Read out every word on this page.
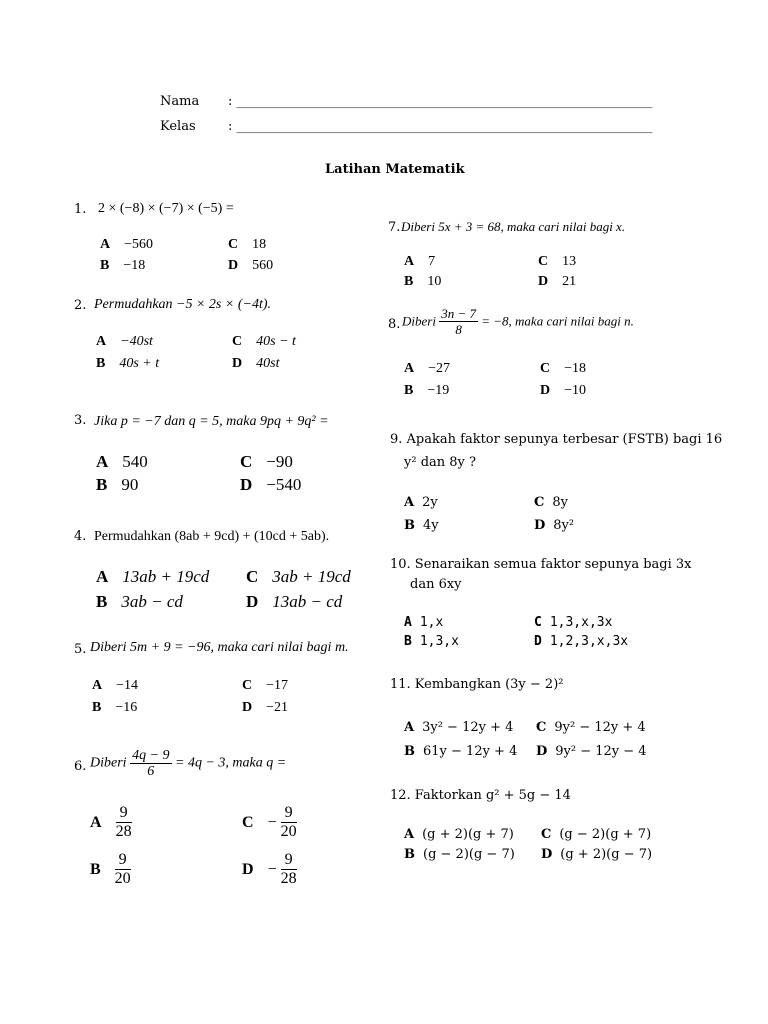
Nama : ________________________________________________________________
Kelas : ________________________________________________________________
Latihan Matematik
1. 2 × (−8) × (−7) × (−5) =
A −560
B −18
C 18
D 560
2. Permudahkan −5 × 2s × (−4t).
A −40st
B 40s + t
C 40s − t
D 40st
3. Jika p = −7 dan q = 5, maka 9pq + 9q² =
A 540
B 90
C −90
D −540
4. Permudahkan (8ab + 9cd) + (10cd + 5ab).
A 13ab + 19cd
B 3ab − cd
C 3ab + 19cd
D 13ab − cd
5. Diberi 5m + 9 = −96, maka cari nilai bagi m.
A −14
B −16
C −17
D −21
6. Diberi $\frac{4q - 9}{6} = 4q - 3$, maka q =
A $\frac{9}{28}$
B $\frac{9}{20}$
$C - \frac{9}{20}$
$D - \frac{9}{28}$
7. Diberi 5x + 3 = 68, maka cari nilai bagi x.
A 7
B 10
C 13
D 21
8. Diberi $\frac{3n - 7}{8} = -8$, maka cari nilai bagi n.
A −27
B −19
C −18
D −10
9. Apakah faktor sepunya terbesar (FSTB) bagi 16
y² dan 8y ?
A 2y
B 4y
C 8y
D 8y²
10. Senaraikan semua faktor sepunya bagi 3x
dan 6xy
A 1,x
B 1,3,x
C 1,3,x,3x
D 1,2,3,x,3x
11. Kembangkan (3y − 2)²
A 3y² − 12y + 4
B 61y − 12y + 4
C 9y² − 12y + 4
D 9y² − 12y − 4
12. Faktorkan g² + 5g − 14
A (g + 2)(g + 7)
B (g − 2)(g − 7)
C (g − 2)(g + 7)
D (g + 2)(g − 7)
